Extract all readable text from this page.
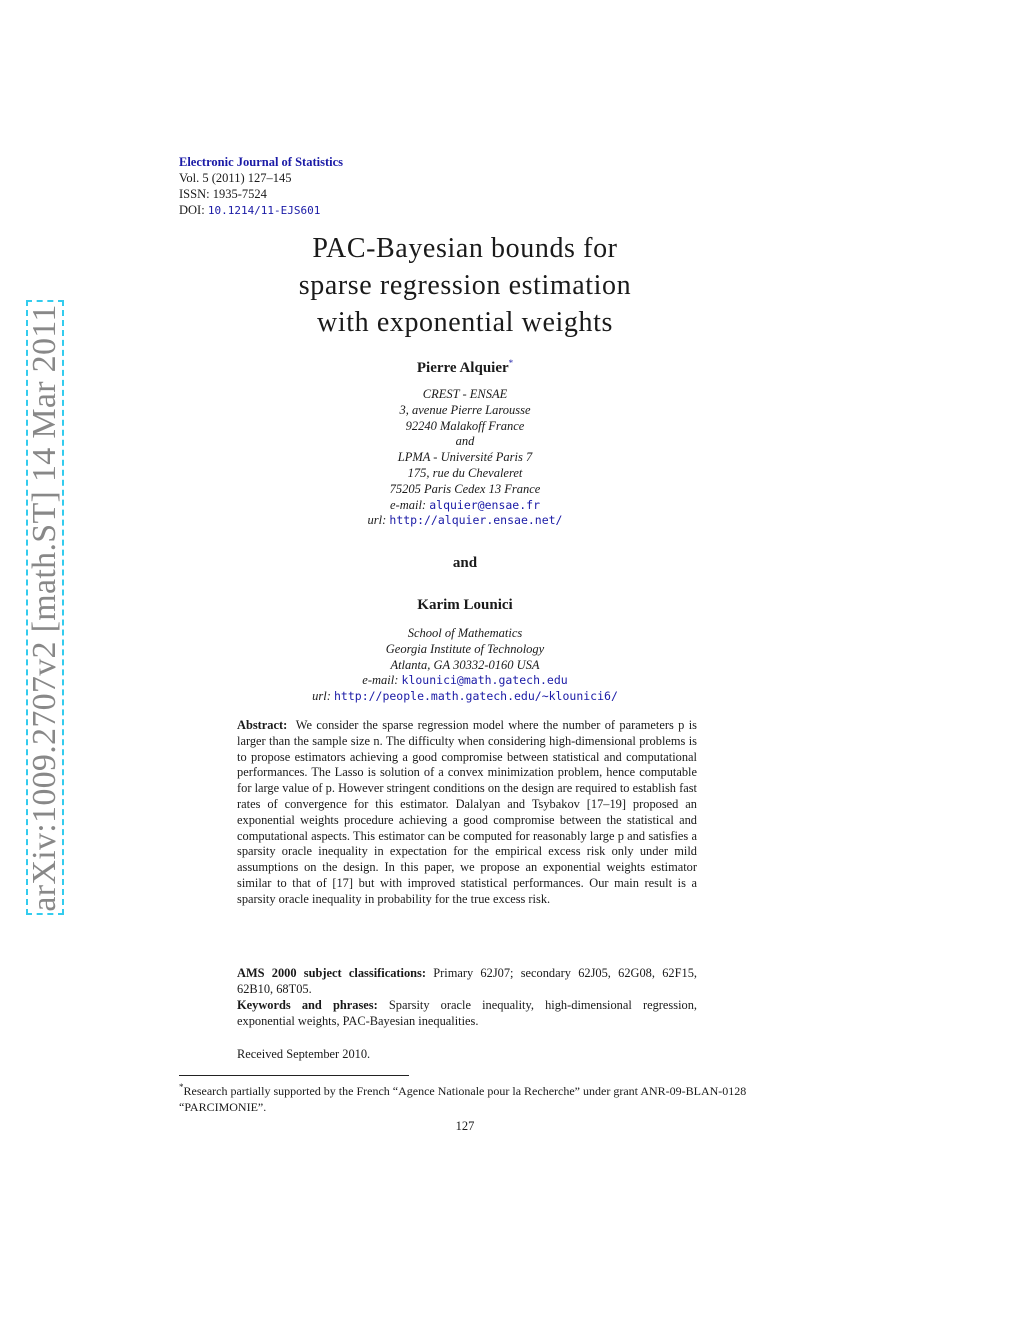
arXiv:1009.2707v2 [math.ST] 14 Mar 2011
Electronic Journal of Statistics
Vol. 5 (2011) 127–145
ISSN: 1935-7524
DOI: 10.1214/11-EJS601
PAC-Bayesian bounds for
sparse regression estimation
with exponential weights
Pierre Alquier*
CREST - ENSAE
3, avenue Pierre Larousse
92240 Malakoff France
and
LPMA - Université Paris 7
175, rue du Chevaleret
75205 Paris Cedex 13 France
e-mail: alquier@ensae.fr
url: http://alquier.ensae.net/
and
Karim Lounici
School of Mathematics
Georgia Institute of Technology
Atlanta, GA 30332-0160 USA
e-mail: klounici@math.gatech.edu
url: http://people.math.gatech.edu/∼klounici6/

Abstract: We consider the sparse regression model where the number of parameters p is larger than the sample size n. The difficulty when considering high-dimensional problems is to propose estimators achieving a good compromise between statistical and computational performances. The Lasso is solution of a convex minimization problem, hence computable for large value of p. However stringent conditions on the design are required to establish fast rates of convergence for this estimator. Dalalyan and Tsybakov [17–19] proposed an exponential weights procedure achieving a good compromise between the statistical and computational aspects. This estimator can be computed for reasonably large p and satisfies a sparsity oracle inequality in expectation for the empirical excess risk only under mild assumptions on the design. In this paper, we propose an exponential weights estimator similar to that of [17] but with improved statistical performances. Our main result is a sparsity oracle inequality in probability for the true excess risk.

AMS 2000 subject classifications: Primary 62J07; secondary 62J05, 62G08, 62F15, 62B10, 68T05.
Keywords and phrases: Sparsity oracle inequality, high-dimensional regression, exponential weights, PAC-Bayesian inequalities.
Received September 2010.
*Research partially supported by the French “Agence Nationale pour la Recherche” under grant ANR-09-BLAN-0128 “PARCIMONIE”.
127
